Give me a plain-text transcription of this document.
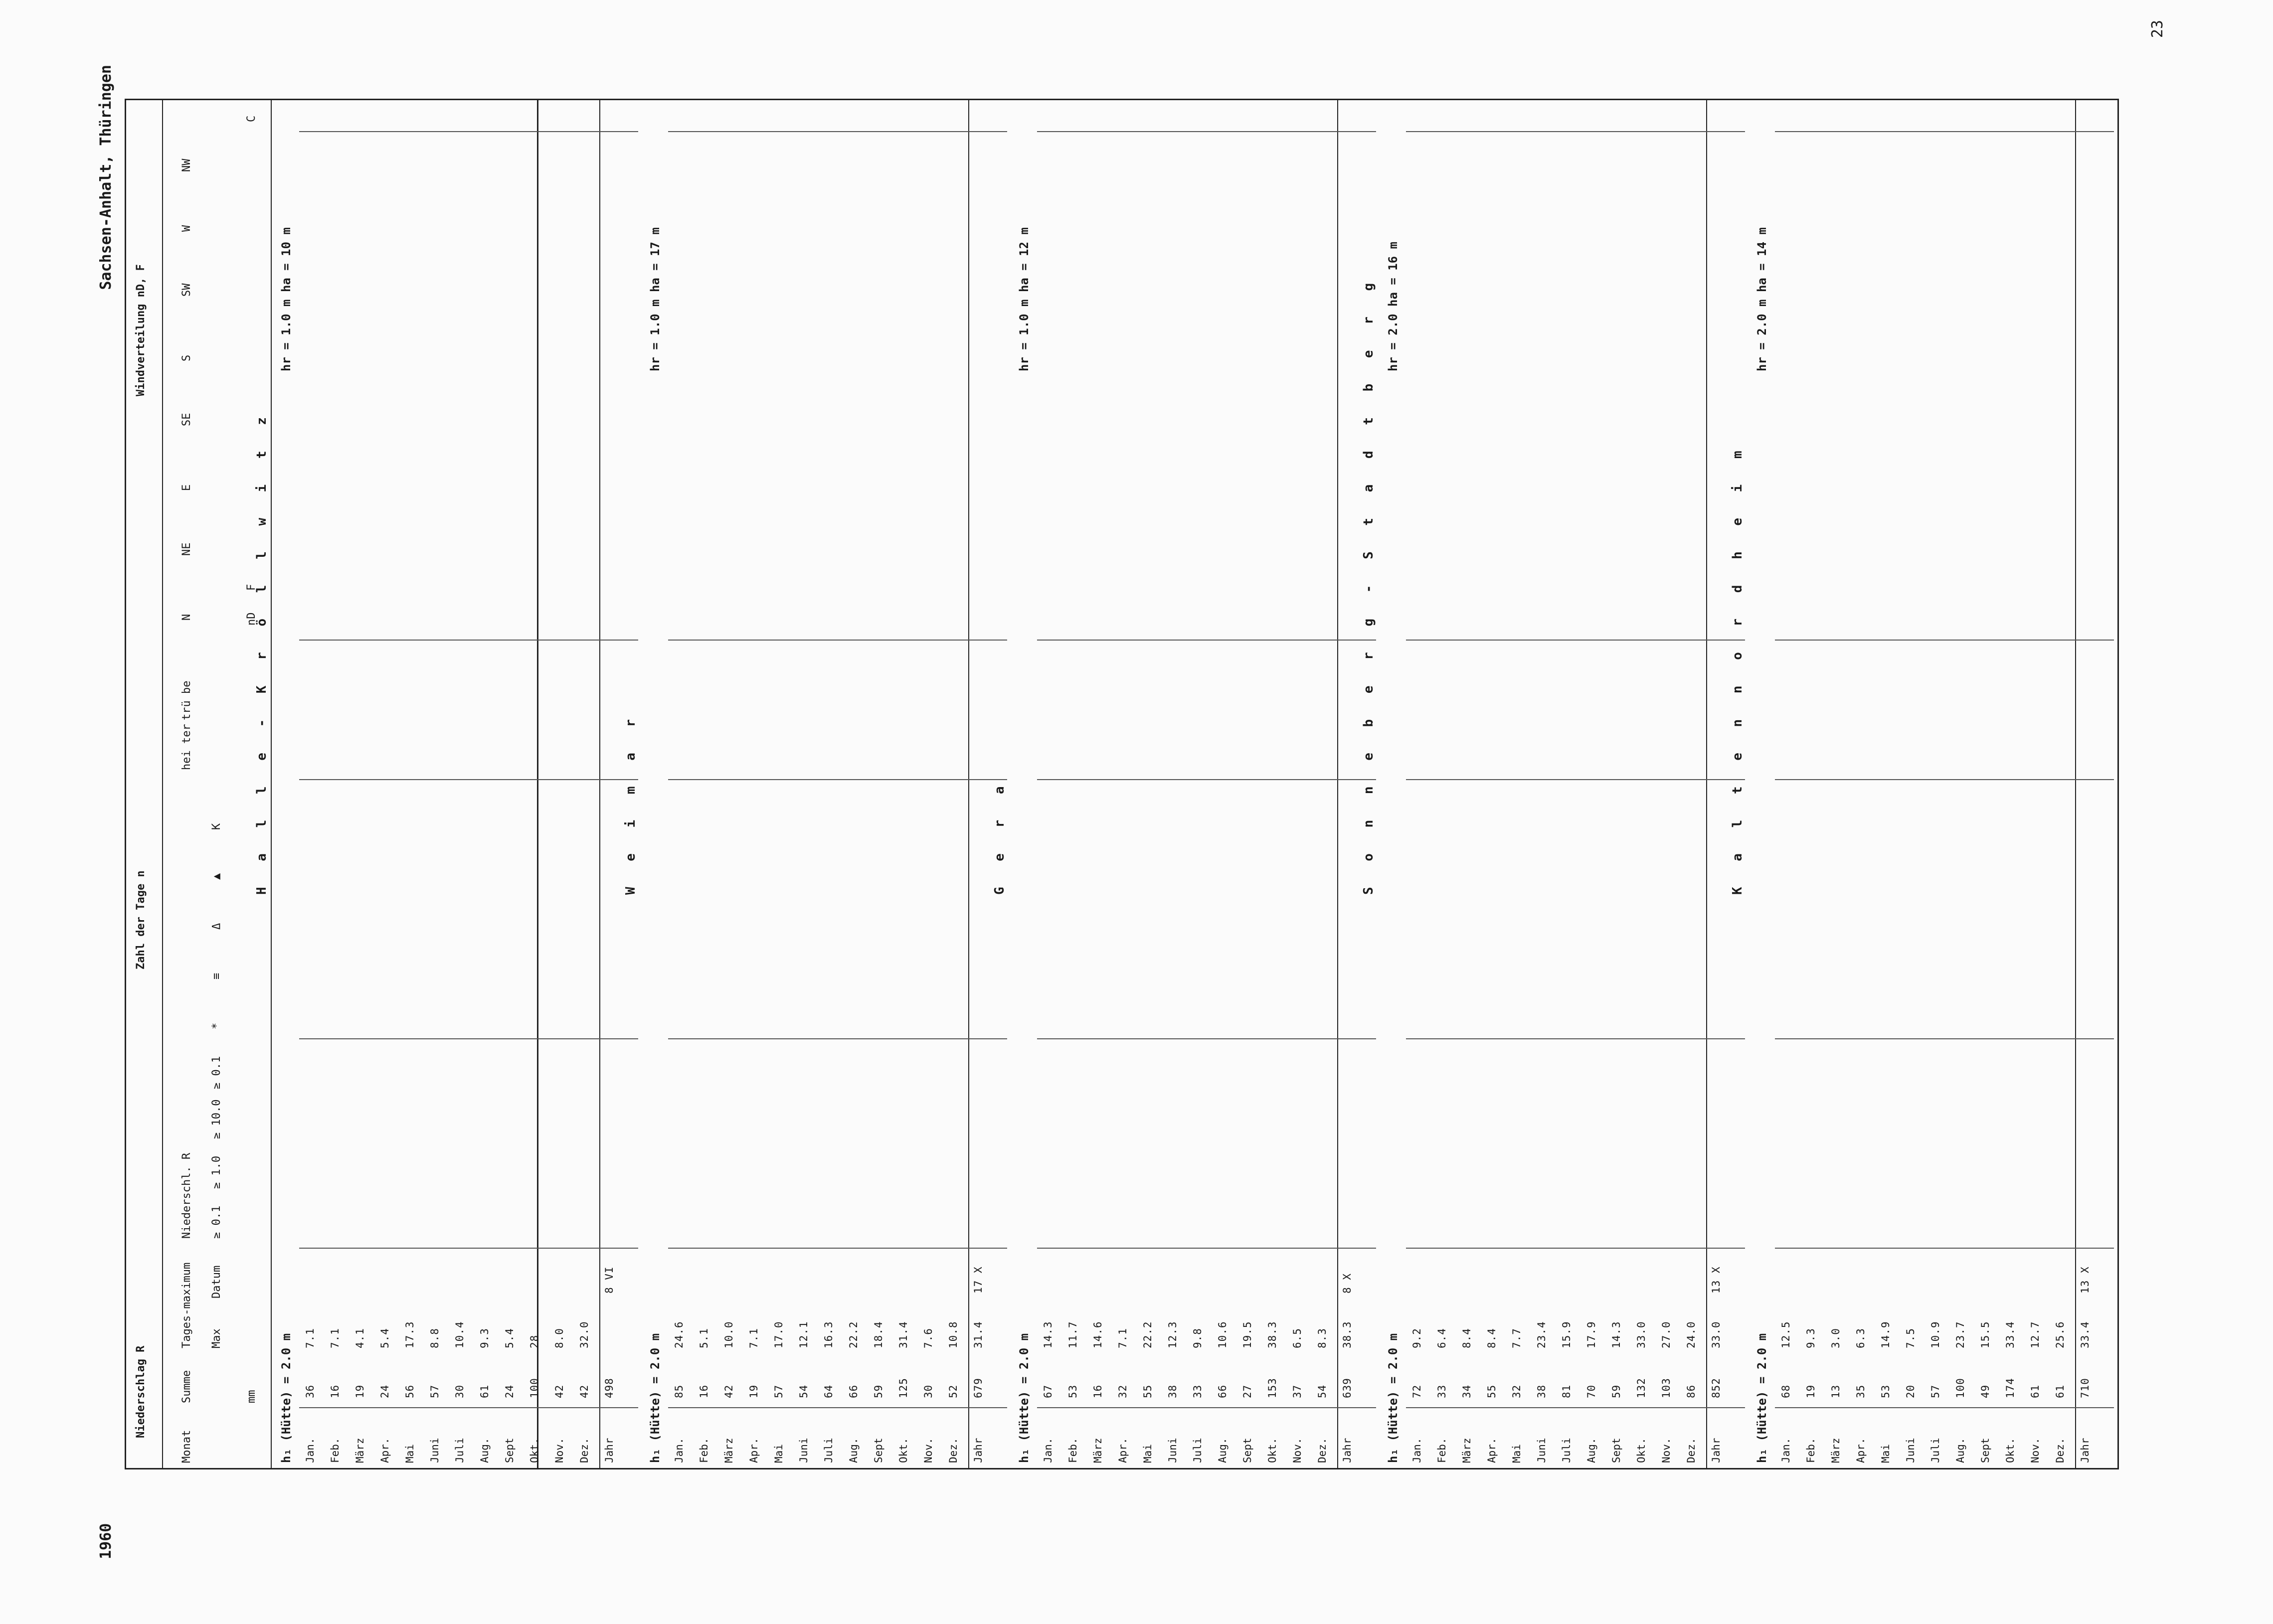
1960
Sachsen-Anhalt, Thüringen
23
Niederschlag R
Zahl der Tage n
Windverteilung nD, F
Monat
Summe
Tages-maximum Max
Datum
mm
Niederschl. R ≥ 0.1
≥ 1.0
≥ 10.0
≥ 0.1
*
≡
Δ
▲
K
hei ter
trü be
N
NE
E
SE
S
SW
W
NW
C
nD
F
h₁ (Hütte) = 2.0 m
hr = 1.0 m ha = 10 m
H a l l e - K r ö l l w i t z
Jan.
36
7.1
Feb.
16
7.1
März
19
4.1
Apr.
24
5.4
Mai
56
17.3
Juni
57
8.8
Juli
30
10.4
Aug.
61
9.3
Sept
24
5.4
Okt.
100
28
Nov.
42
8.0
Dez.
42
32.0
Jahr
498
8 VI
h₁ (Hütte) = 2.0 m
hr = 1.0 m ha = 17 m
W e i m a r
Jan.
85
24.6
Feb.
16
5.1
März
42
10.0
Apr.
19
7.1
Mai
57
17.0
Juni
54
12.1
Juli
64
16.3
Aug.
66
22.2
Sept
59
18.4
Okt.
125
31.4
Nov.
30
7.6
Dez.
52
10.8
Jahr
679
31.4
17 X
h₁ (Hütte) = 2.0 m
hr = 1.0 m ha = 12 m
G e r a
Jan.
67
14.3
Feb.
53
11.7
März
16
14.6
Apr.
32
7.1
Mai
55
22.2
Juni
38
12.3
Juli
33
9.8
Aug.
66
10.6
Sept
27
19.5
Okt.
153
38.3
Nov.
37
6.5
Dez.
54
8.3
Jahr
639
38.3
8 X
h₁ (Hütte) = 2.0 m
hr = 2.0 ha = 16 m
S o n n e b e r g - S t a d t b e r g
Jan.
72
9.2
Feb.
33
6.4
März
34
8.4
Apr.
55
8.4
Mai
32
7.7
Juni
38
23.4
Juli
81
15.9
Aug.
70
17.9
Sept
59
14.3
Okt.
132
33.0
Nov.
103
27.0
Dez.
86
24.0
Jahr
852
33.0
13 X
h₁ (Hütte) = 2.0 m
hr = 2.0 m ha = 14 m
K a l t e n n o r d h e i m
Jan.
68
12.5
Feb.
19
9.3
März
13
3.0
Apr.
35
6.3
Mai
53
14.9
Juni
20
7.5
Juli
57
10.9
Aug.
100
23.7
Sept
49
15.5
Okt.
174
33.4
Nov.
61
12.7
Dez.
61
25.6
Jahr
710
33.4
13 X
